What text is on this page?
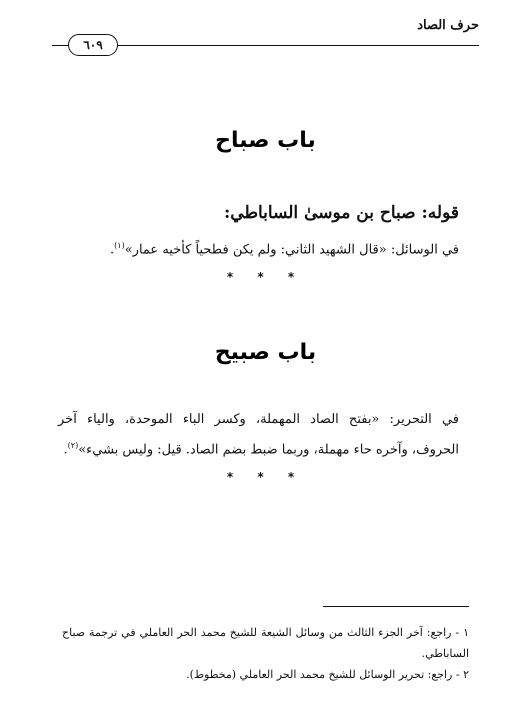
حرف الصاد
٦٠٩
باب صباح
قوله: صباح بن موسىٰ الساباطي:
في الوسائل: «قال الشهيد الثاني: ولم يكن فطحياً كأخيه عمار»$^{(١)}$.
* * *
باب صبيح
في التحرير: «بفتح الصاد المهملة، وكسر الباء الموحدة، والياء آخر
الحروف، وآخره حاء مهملة، وربما ضبط بضم الصاد. قيل: وليس بشيء»$^{(٢)}$.
* * *
١ - راجع: آخر الجزء الثالث من وسائل الشيعة للشيخ محمد الحر العاملي في ترجمة صباح
الساباطي.
٢ - راجع: تحرير الوسائل للشيخ محمد الحر العاملي (مخطوط).
